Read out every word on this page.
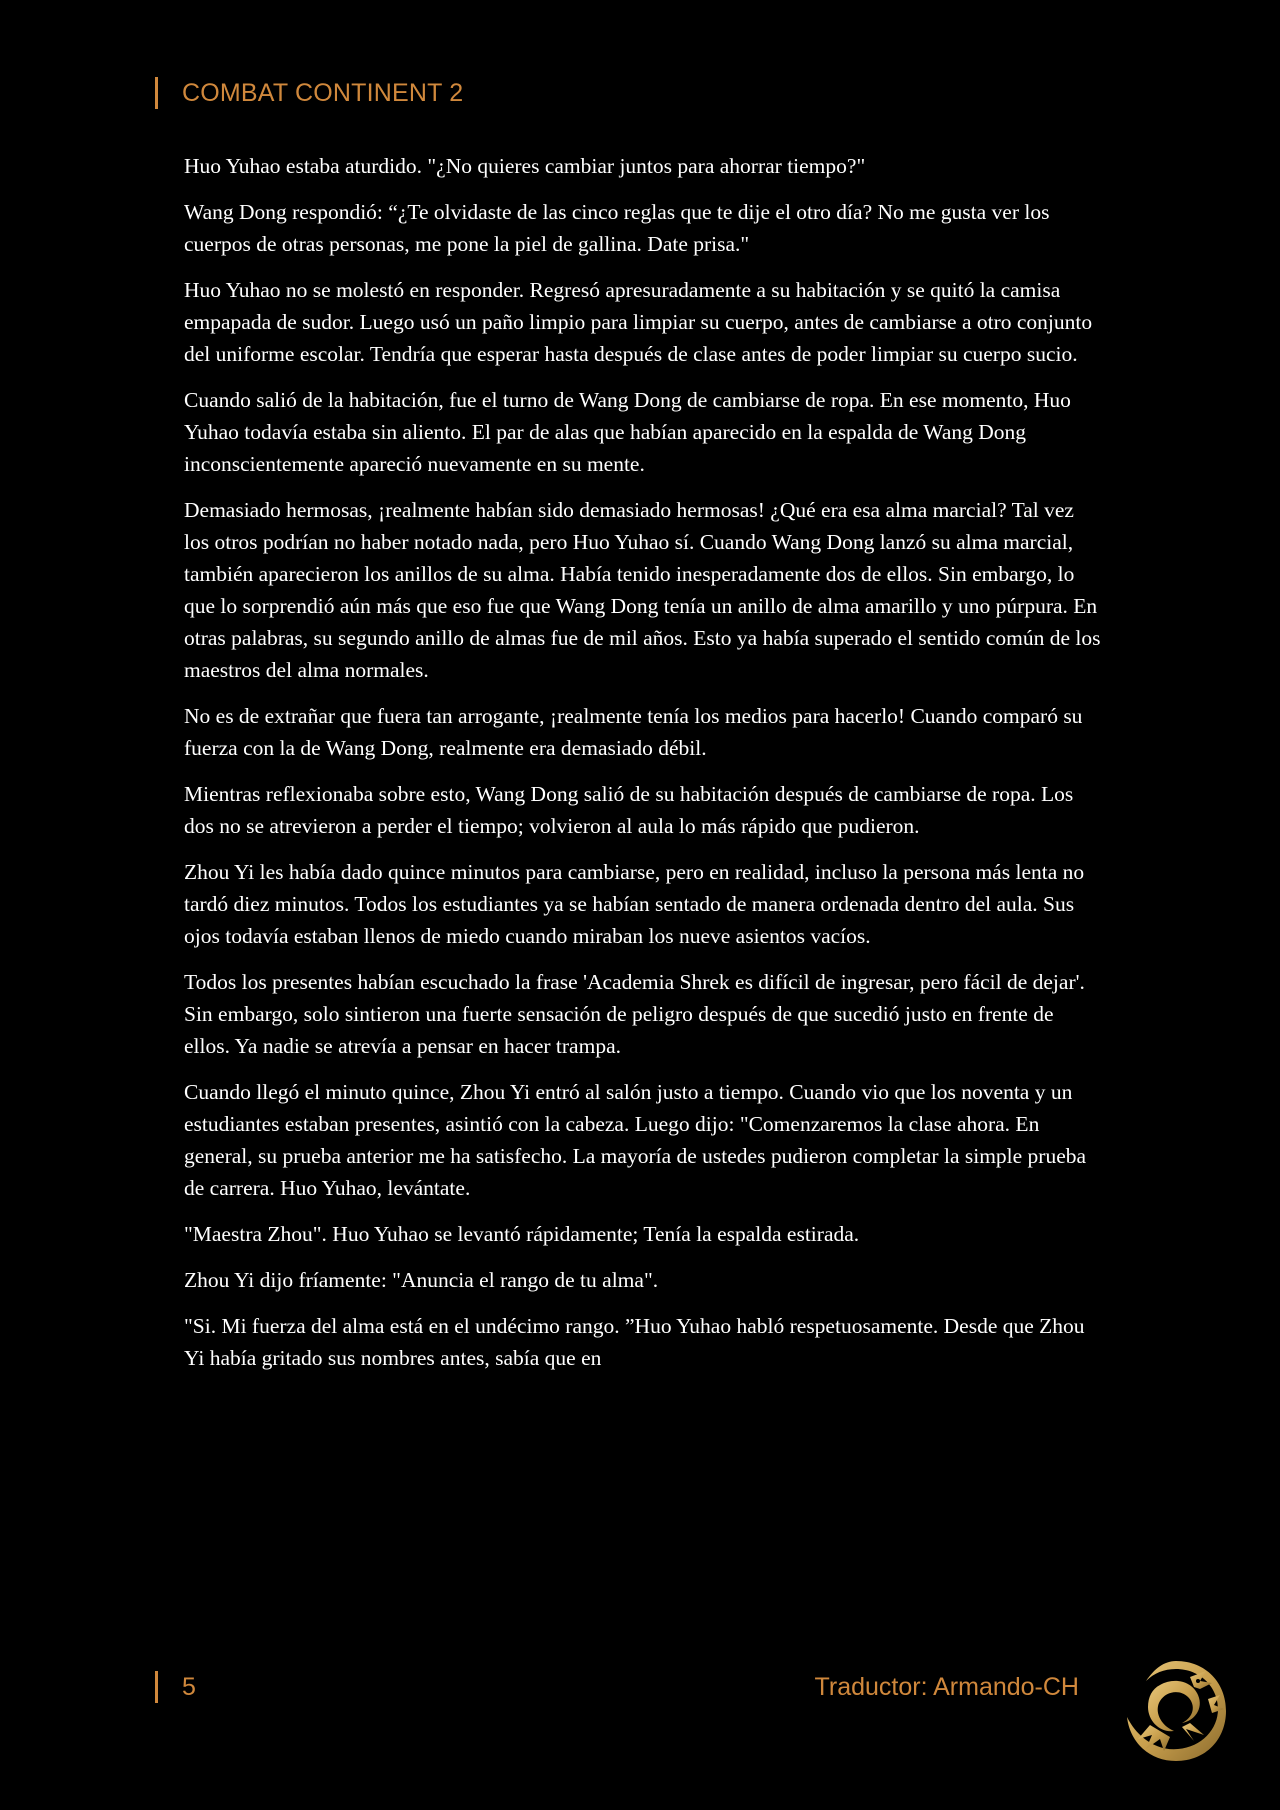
COMBAT CONTINENT 2

Huo Yuhao estaba aturdido. "¿No quieres cambiar juntos para ahorrar tiempo?"

Wang Dong respondió: “¿Te olvidaste de las cinco reglas que te dije el otro día? No me gusta ver los cuerpos de otras personas, me pone la piel de gallina. Date prisa."

Huo Yuhao no se molestó en responder. Regresó apresuradamente a su habitación y se quitó la camisa empapada de sudor. Luego usó un paño limpio para limpiar su cuerpo, antes de cambiarse a otro conjunto del uniforme escolar. Tendría que esperar hasta después de clase antes de poder limpiar su cuerpo sucio.

Cuando salió de la habitación, fue el turno de Wang Dong de cambiarse de ropa. En ese momento, Huo Yuhao todavía estaba sin aliento. El par de alas que habían aparecido en la espalda de Wang Dong inconscientemente apareció nuevamente en su mente.

Demasiado hermosas, ¡realmente habían sido demasiado hermosas! ¿Qué era esa alma marcial? Tal vez los otros podrían no haber notado nada, pero Huo Yuhao sí. Cuando Wang Dong lanzó su alma marcial, también aparecieron los anillos de su alma. Había tenido inesperadamente dos de ellos. Sin embargo, lo que lo sorprendió aún más que eso fue que Wang Dong tenía un anillo de alma amarillo y uno púrpura. En otras palabras, su segundo anillo de almas fue de mil años. Esto ya había superado el sentido común de los maestros del alma normales.

No es de extrañar que fuera tan arrogante, ¡realmente tenía los medios para hacerlo! Cuando comparó su fuerza con la de Wang Dong, realmente era demasiado débil.

Mientras reflexionaba sobre esto, Wang Dong salió de su habitación después de cambiarse de ropa. Los dos no se atrevieron a perder el tiempo; volvieron al aula lo más rápido que pudieron.

Zhou Yi les había dado quince minutos para cambiarse, pero en realidad, incluso la persona más lenta no tardó diez minutos. Todos los estudiantes ya se habían sentado de manera ordenada dentro del aula. Sus ojos todavía estaban llenos de miedo cuando miraban los nueve asientos vacíos.

Todos los presentes habían escuchado la frase 'Academia Shrek es difícil de ingresar, pero fácil de dejar'. Sin embargo, solo sintieron una fuerte sensación de peligro después de que sucedió justo en frente de ellos. Ya nadie se atrevía a pensar en hacer trampa.

Cuando llegó el minuto quince, Zhou Yi entró al salón justo a tiempo. Cuando vio que los noventa y un estudiantes estaban presentes, asintió con la cabeza. Luego dijo: "Comenzaremos la clase ahora. En general, su prueba anterior me ha satisfecho. La mayoría de ustedes pudieron completar la simple prueba de carrera. Huo Yuhao, levántate.

"Maestra Zhou". Huo Yuhao se levantó rápidamente; Tenía la espalda estirada.

Zhou Yi dijo fríamente: "Anuncia el rango de tu alma".

"Si. Mi fuerza del alma está en el undécimo rango. ”Huo Yuhao habló respetuosamente. Desde que Zhou Yi había gritado sus nombres antes, sabía que en

5	Traductor: Armando-CH
